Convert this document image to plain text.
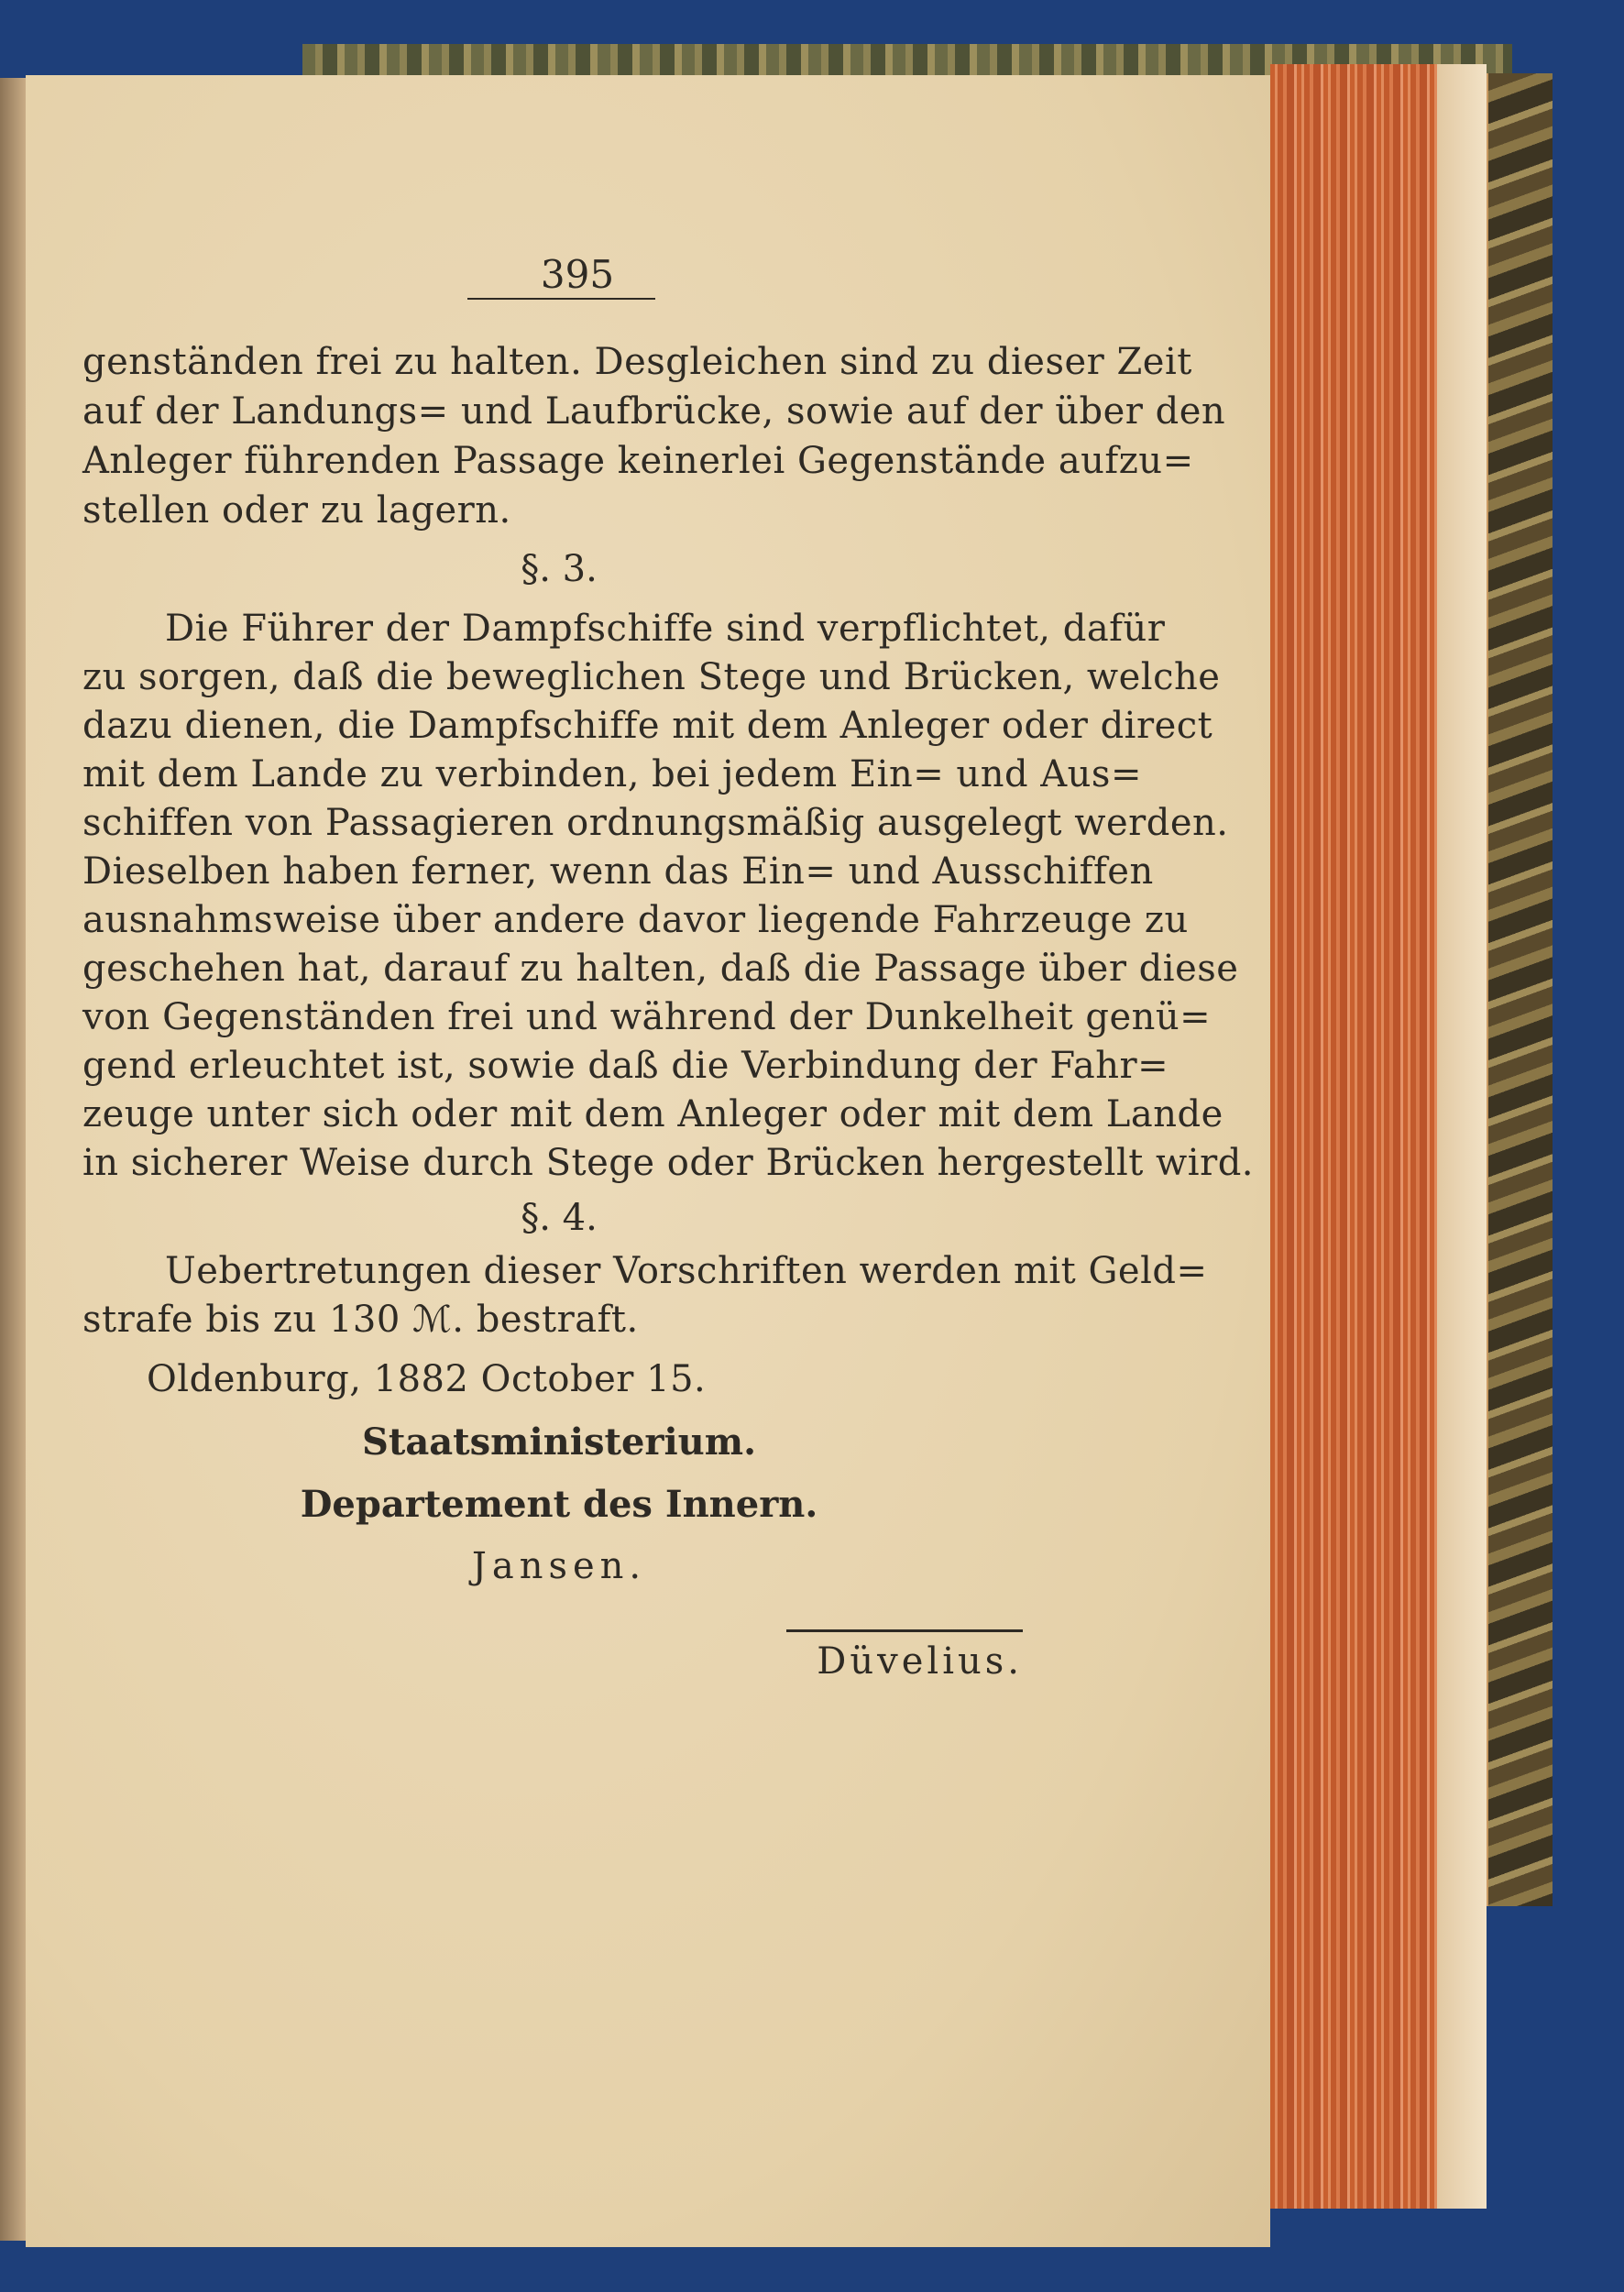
395
genständen frei zu halten. Desgleichen sind zu dieser Zeit
auf der Landungs= und Laufbrücke, sowie auf der über den
Anleger führenden Passage keinerlei Gegenstände aufzu=
stellen oder zu lagern.
§. 3.
Die Führer der Dampfschiffe sind verpflichtet, dafür
zu sorgen, daß die beweglichen Stege und Brücken, welche
dazu dienen, die Dampfschiffe mit dem Anleger oder direct
mit dem Lande zu verbinden, bei jedem Ein= und Aus=
schiffen von Passagieren ordnungsmäßig ausgelegt werden.
Dieselben haben ferner, wenn das Ein= und Ausschiffen
ausnahmsweise über andere davor liegende Fahrzeuge zu
geschehen hat, darauf zu halten, daß die Passage über diese
von Gegenständen frei und während der Dunkelheit genü=
gend erleuchtet ist, sowie daß die Verbindung der Fahr=
zeuge unter sich oder mit dem Anleger oder mit dem Lande
in sicherer Weise durch Stege oder Brücken hergestellt wird.
§. 4.
Uebertretungen dieser Vorschriften werden mit Geld=
strafe bis zu 130 ℳ. bestraft.
Oldenburg, 1882 October 15.
Staatsministerium.
Departement des Innern.
Jansen.
Düvelius.
